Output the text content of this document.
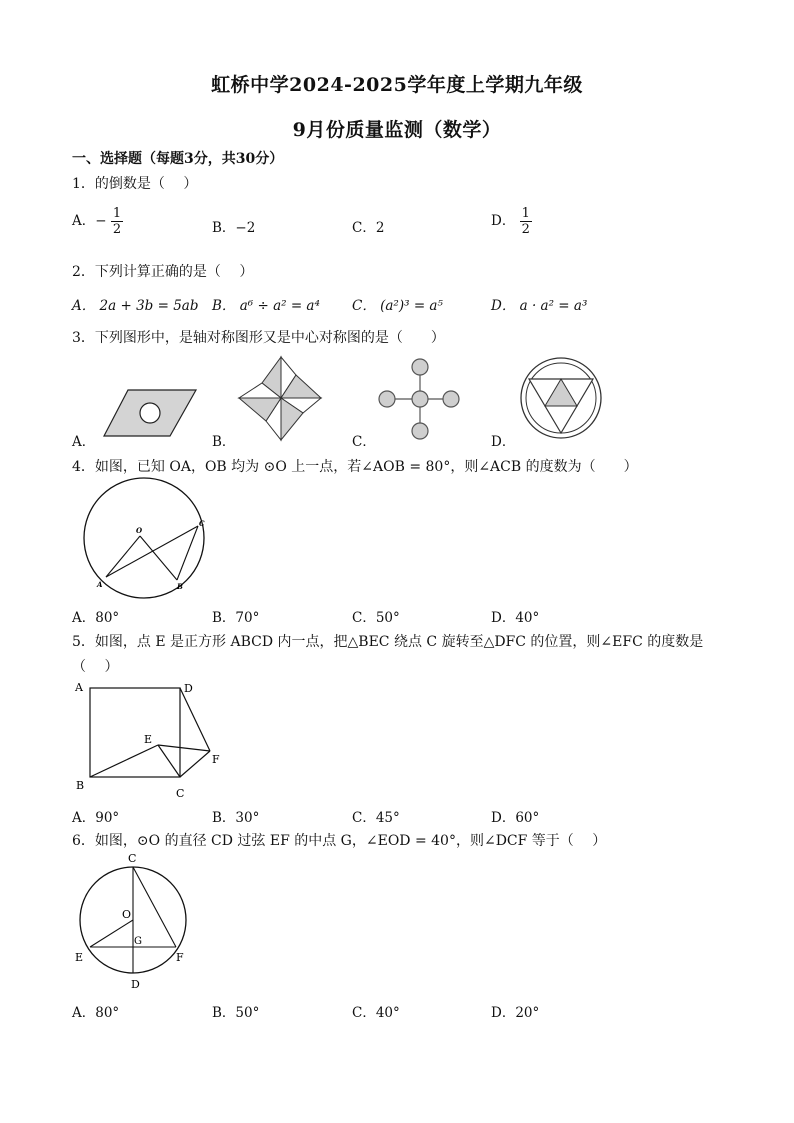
虹桥中学2024-2025学年度上学期九年级
9月份质量监测（数学）
一、选择题（每题3分，共30分）
1．的倒数是（　 ）
A．− $\frac{1}{2}$	B．−2	C．2	D． $\frac{1}{2}$
2．下列计算正确的是（　 ）
A． 2a + 3b = 5ab B． a⁶ ÷ a² = a⁴ C． (a²)³ = a⁵	D． a · a² = a³
3．下列图形中，是轴对称图形又是中心对称图的是（　　）
A．	B．	C．	D．
4．如图，已知 OA，OB 均为 ⊙O 上一点，若∠AOB = 80°，则∠ACB 的度数为（　　）
O
A	B
C
A．80°	B．70°	C．50°	D．40°
5．如图，点 E 是正方形 ABCD 内一点，把△BEC 绕点 C 旋转至△DFC 的位置，则∠EFC 的度数是
（　 ）
A	D
E
F
B
C
A．90°	B．30°	C．45°	D．60°
6．如图，⊙O 的直径 CD 过弦 EF 的中点 G，∠EOD = 40°，则∠DCF 等于（　 ）
C
O
G
E	F
D
A．80°	B．50°	C．40°	D．20°
